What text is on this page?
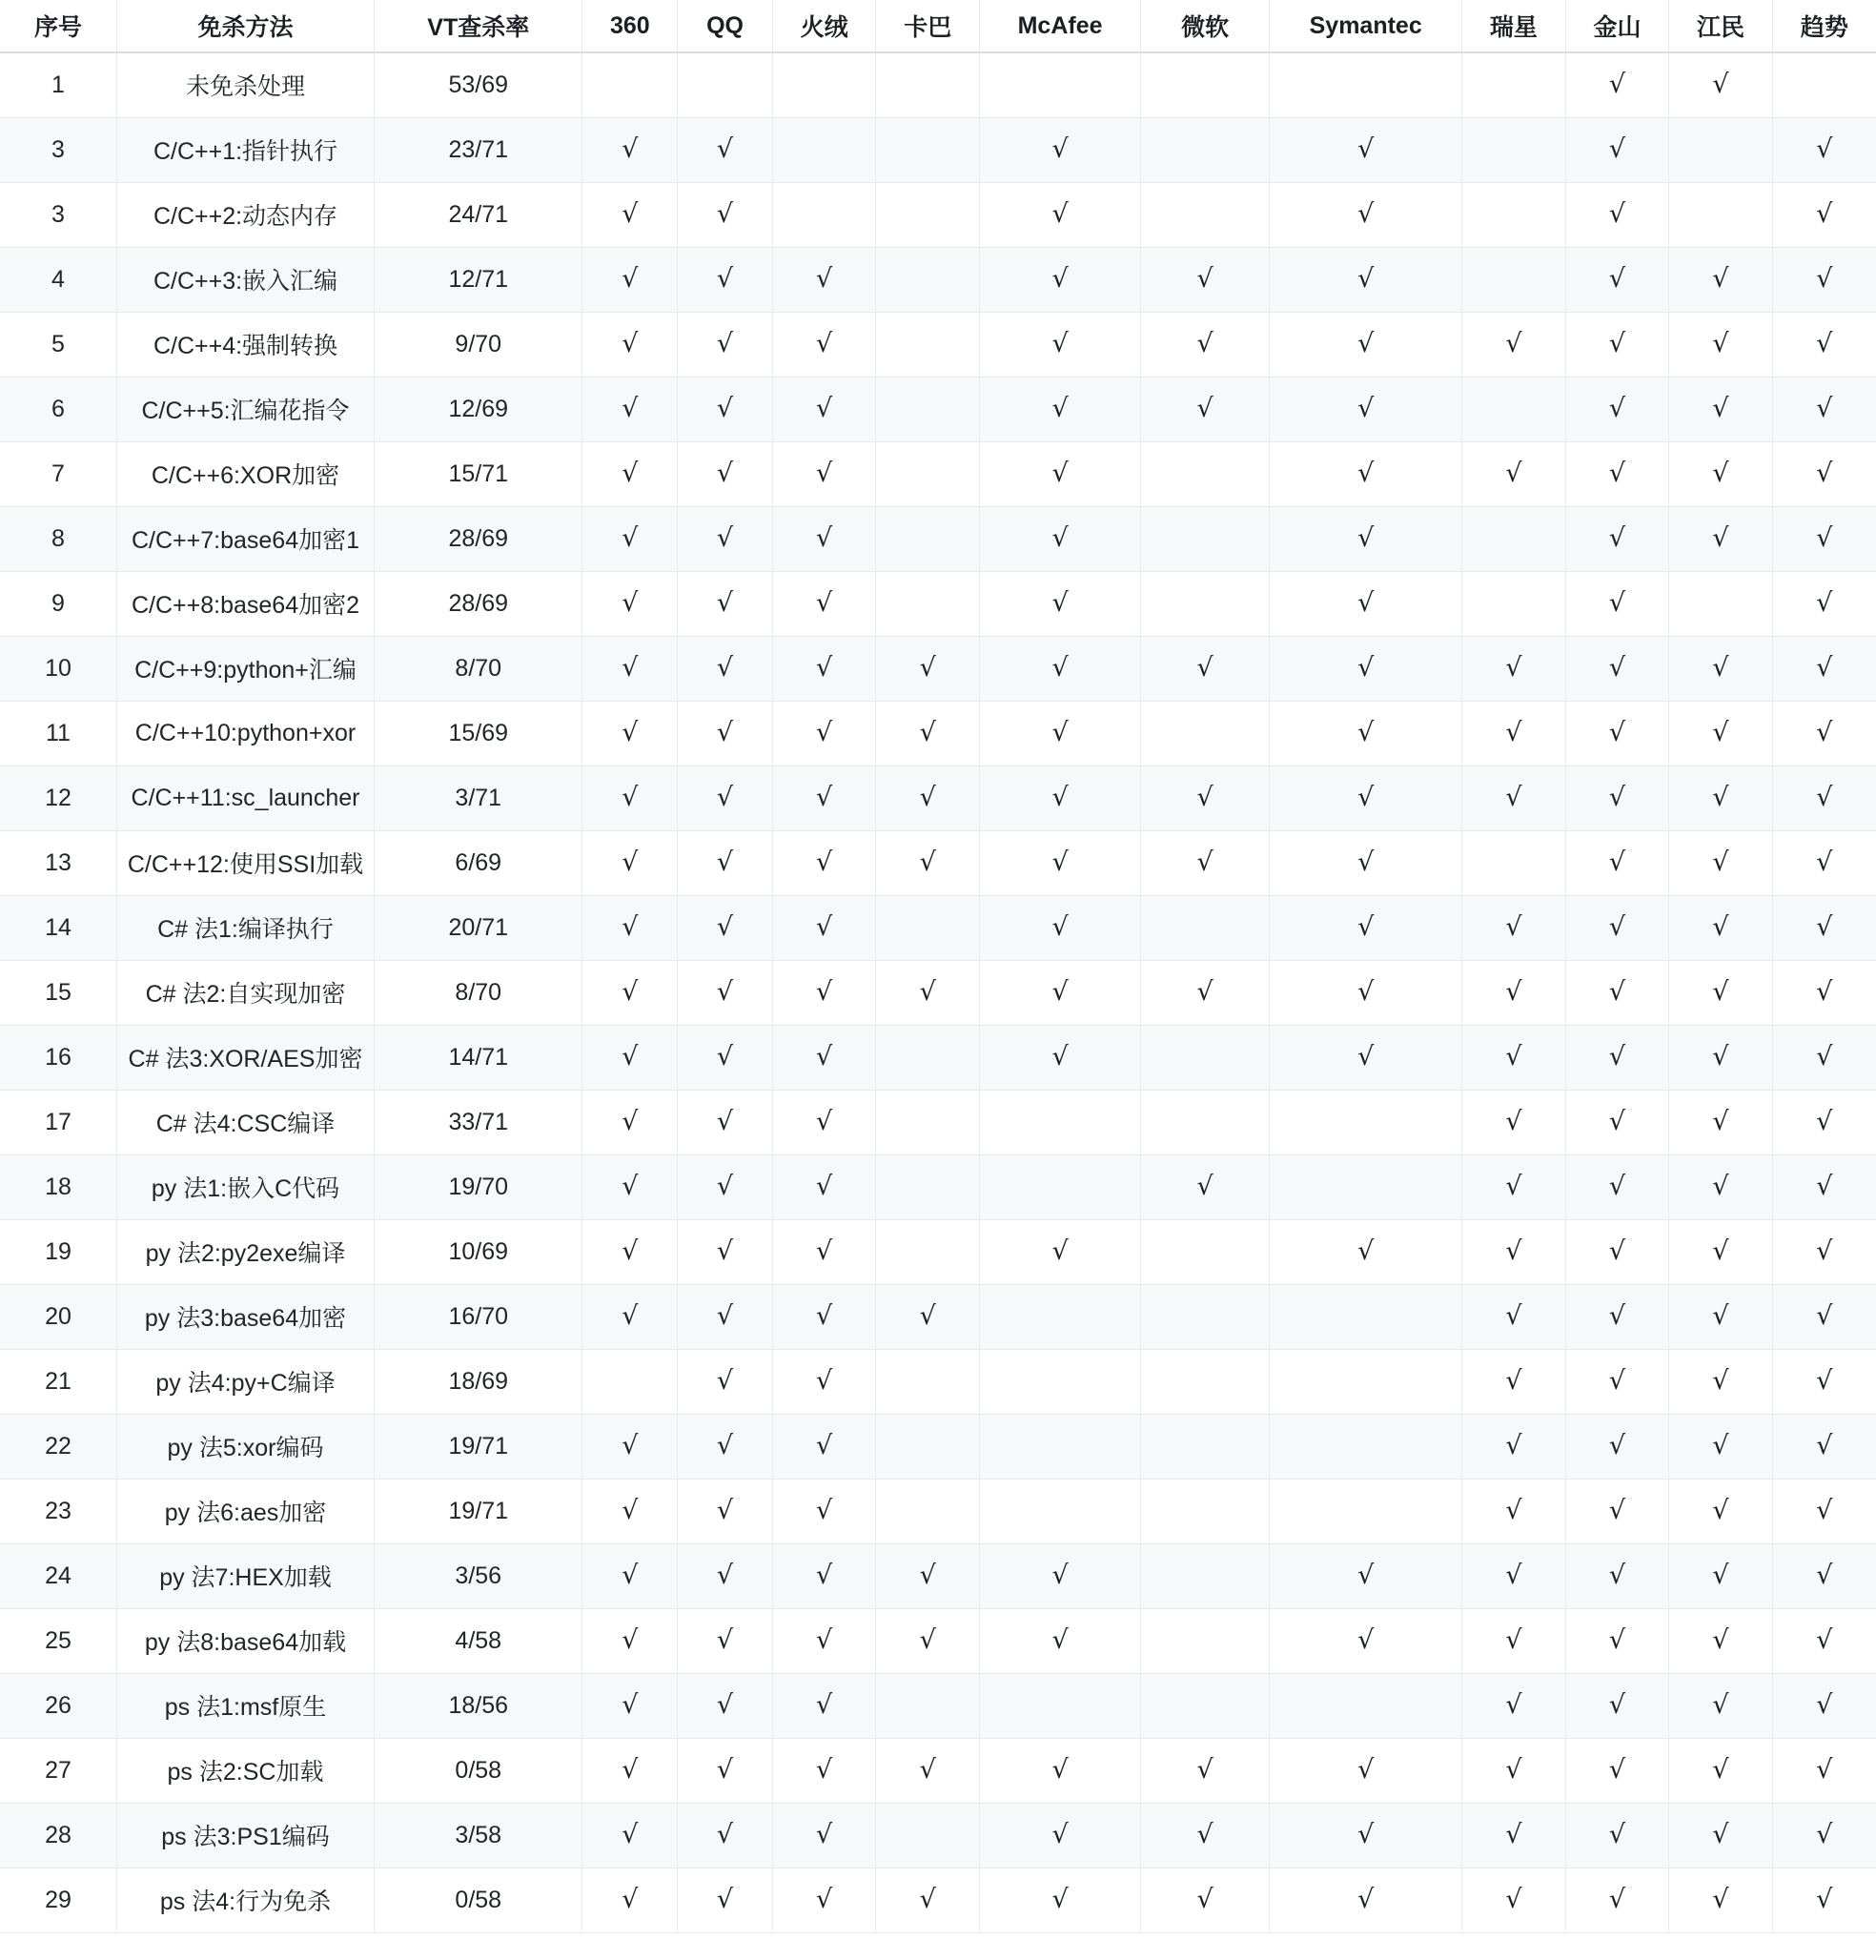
序号	免杀方法	VT查杀率	360	QQ	火绒	卡巴	McAfee	微软	Symantec	瑞星	金山	江民	趋势
1	未免杀处理	53/69									√	√	
3	C/C++1:指针执行	23/71	√	√			√		√		√		√
3	C/C++2:动态内存	24/71	√	√			√		√		√		√
4	C/C++3:嵌入汇编	12/71	√	√	√		√	√	√		√	√	√
5	C/C++4:强制转换	9/70	√	√	√		√	√	√	√	√	√	√
6	C/C++5:汇编花指令	12/69	√	√	√		√	√	√		√	√	√
7	C/C++6:XOR加密	15/71	√	√	√		√		√	√	√	√	√
8	C/C++7:base64加密1	28/69	√	√	√		√		√		√	√	√
9	C/C++8:base64加密2	28/69	√	√	√		√		√		√		√
10	C/C++9:python+汇编	8/70	√	√	√	√	√	√	√	√	√	√	√
11	C/C++10:python+xor	15/69	√	√	√	√	√		√	√	√	√	√
12	C/C++11:sc_launcher	3/71	√	√	√	√	√	√	√	√	√	√	√
13	C/C++12:使用SSI加载	6/69	√	√	√	√	√	√	√		√	√	√
14	C# 法1:编译执行	20/71	√	√	√		√		√	√	√	√	√
15	C# 法2:自实现加密	8/70	√	√	√	√	√	√	√	√	√	√	√
16	C# 法3:XOR/AES加密	14/71	√	√	√		√		√	√	√	√	√
17	C# 法4:CSC编译	33/71	√	√	√					√	√	√	√
18	py 法1:嵌入C代码	19/70	√	√	√			√		√	√	√	√
19	py 法2:py2exe编译	10/69	√	√	√		√		√	√	√	√	√
20	py 法3:base64加密	16/70	√	√	√	√				√	√	√	√
21	py 法4:py+C编译	18/69		√	√					√	√	√	√
22	py 法5:xor编码	19/71	√	√	√					√	√	√	√
23	py 法6:aes加密	19/71	√	√	√					√	√	√	√
24	py 法7:HEX加载	3/56	√	√	√	√	√		√	√	√	√	√
25	py 法8:base64加载	4/58	√	√	√	√	√		√	√	√	√	√
26	ps 法1:msf原生	18/56	√	√	√					√	√	√	√
27	ps 法2:SC加载	0/58	√	√	√	√	√	√	√	√	√	√	√
28	ps 法3:PS1编码	3/58	√	√	√		√	√	√	√	√	√	√
29	ps 法4:行为免杀	0/58	√	√	√	√	√	√	√	√	√	√	√
